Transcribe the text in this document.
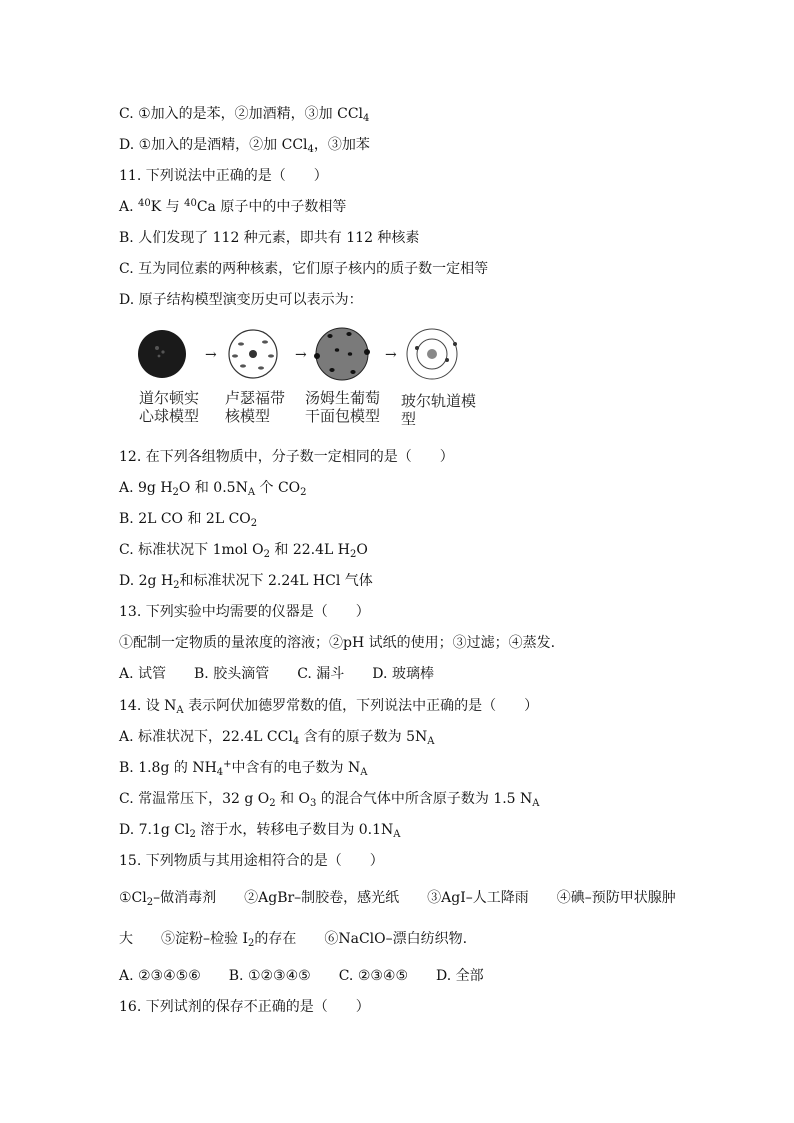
C. ①加入的是苯，②加酒精，③加 CCl$_4$
D. ①加入的是酒精，②加 CCl$_4$，③加苯
11. 下列说法中正确的是（　　）
A. $^{40}$K 与 $^{40}$Ca 原子中的中子数相等
B. 人们发现了 112 种元素，即共有 112 种核素
C. 互为同位素的两种核素，它们原子核内的质子数一定相等
D. 原子结构模型演变历史可以表示为：
→	→	→
道尔顿实
心球模型
卢瑟福带
核模型
汤姆生葡萄
干面包模型
玻尔轨道模
型
12. 在下列各组物质中，分子数一定相同的是（　　）
A. 9g $H_2O$ 和 $0.5N_A$ 个 $CO_2$
B. 2L CO 和 2L $CO_2$
C. 标准状况下 1mol $O_2$ 和 22.4L $H_2O$
D. 2g $H_2$和标准状况下 2.24L HCl 气体
13. 下列实验中均需要的仪器是（　　）
①配制一定物质的量浓度的溶液；②pH 试纸的使用；③过滤；④蒸发.
A. 试管　　B. 胶头滴管　　C. 漏斗　　D. 玻璃棒
14. 设 $N_A$ 表示阿伏加德罗常数的值，下列说法中正确的是（　　）
A. 标准状况下，22.4L CCl$_4$ 含有的原子数为 $5N_A$
B. 1.8g 的 $NH_4^+$中含有的电子数为 $N_A$
C. 常温常压下，32 g $O_2$ 和 $O_3$ 的混合气体中所含原子数为 1.5 $N_A$
D. 7.1g $Cl_2$ 溶于水，转移电子数目为 $0.1N_A$
15. 下列物质与其用途相符合的是（　　）
$①Cl_2-$做消毒剂　　②AgBr–制胶卷，感光纸　　③AgI–人工降雨　　④碘–预防甲状腺肿
大　　⑤淀粉–检验 $I_2$的存在　　⑥NaClO–漂白纺织物.
A. ②③④⑤⑥　　B. ①②③④⑤　　C. ②③④⑤　　D. 全部
16. 下列试剂的保存不正确的是（　　）
